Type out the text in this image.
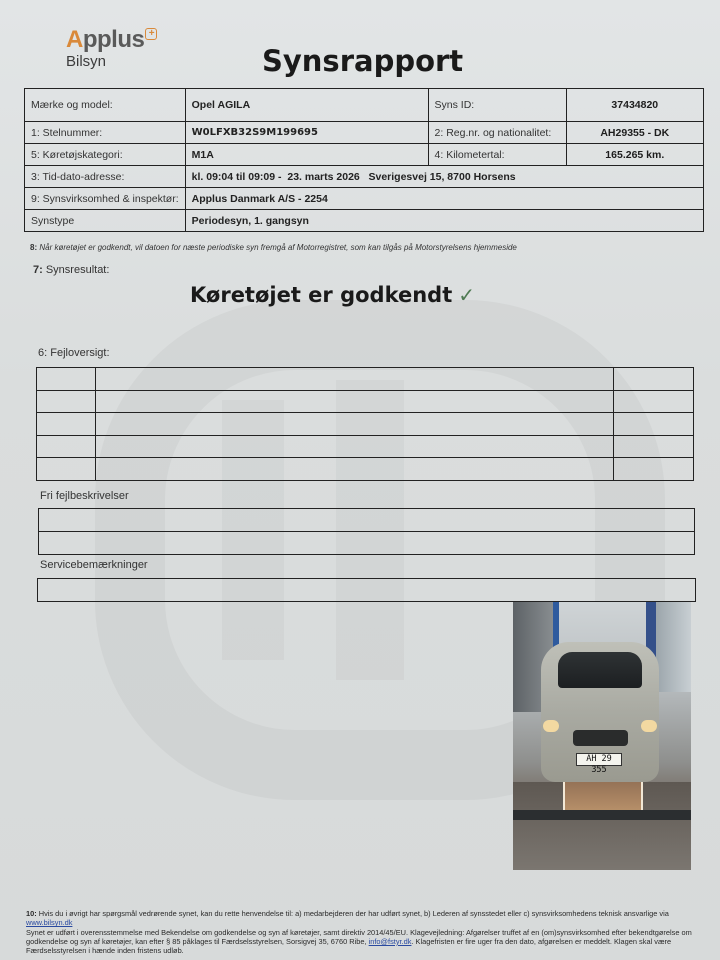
Applus +
Bilsyn	Synsrapport
Mærke og model:	Opel AGILA	Syns ID:	37434820
1: Stelnummer:	W0LFXB32S9M199695	2: Reg.nr. og nationalitet:	AH29355 - DK
5: Køretøjskategori:	M1A	4: Kilometertal:	165.265 km.
3: Tid-dato-adresse:	kl. 09:04 til 09:09 -  23. marts 2026   Sverigesvej 15, 8700 Horsens		
9: Synsvirksomhed & inspektør:	Applus Danmark A/S - 2254		
Synstype	Periodesyn, 1. gangsyn		
8: Når køretøjet er godkendt, vil datoen for næste periodiske syn fremgå af Motorregistret, som kan tilgås på Motorstyrelsens hjemmeside
7: Synsresultat:
Køretøjet er godkendt ✓
6: Fejloversigt:

Fri fejlbeskrivelser

Servicebemærkninger
AH 29 355
10: Hvis du i øvrigt har spørgsmål vedrørende synet, kan du rette henvendelse til: a) medarbejderen der har udført synet, b) Lederen af synsstedet eller c) synsvirksomhedens teknisk ansvarlige via www.bilsyn.dk
Synet er udført i overensstemmelse med Bekendelse om godkendelse og syn af køretøjer, samt direktiv 2014/45/EU. Klagevejledning: Afgørelser truffet af en (om)synsvirksomhed efter bekendtgørelse om godkendelse og syn af køretøjer, kan efter § 85 påklages til Færdselsstyrelsen, Sorsigvej 35, 6760 Ribe, info@fstyr.dk. Klagefristen er fire uger fra den dato, afgørelsen er meddelt. Klagen skal være Færdselsstyrelsen i hænde inden fristens udløb.
